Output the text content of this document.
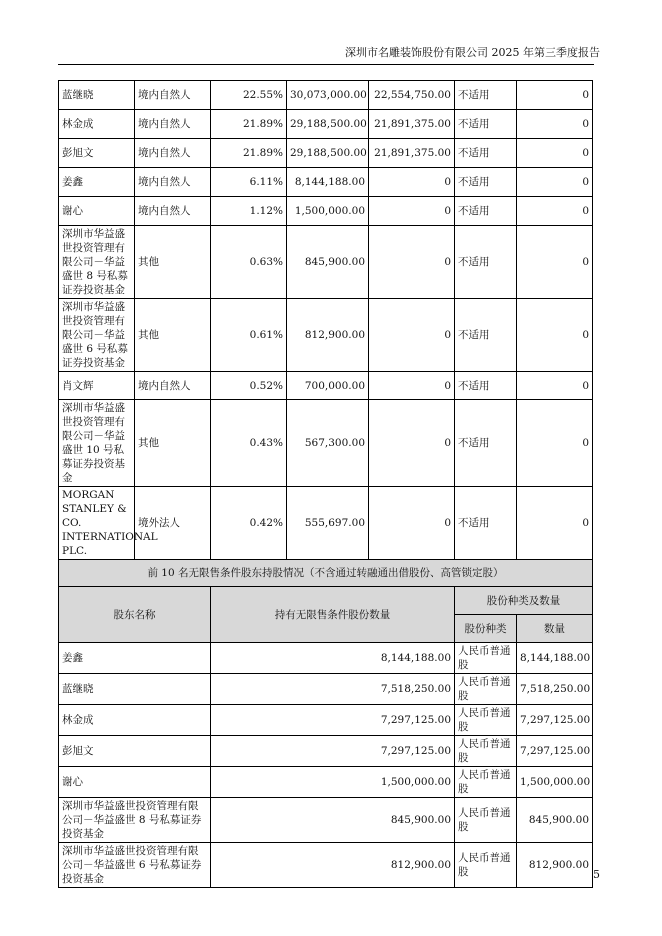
深圳市名雕装饰股份有限公司 2025 年第三季度报告
蓝继晓	境内自然人	22.55%	30,073,000.00	22,554,750.00	不适用	0
林金成	境内自然人	21.89%	29,188,500.00	21,891,375.00	不适用	0
彭旭文	境内自然人	21.89%	29,188,500.00	21,891,375.00	不适用	0
姜鑫	境内自然人	6.11%	8,144,188.00	0	不适用	0
谢心	境内自然人	1.12%	1,500,000.00	0	不适用	0
深圳市华益盛世投资管理有限公司－华益盛世 8 号私募证券投资基金	其他	0.63%	845,900.00	0	不适用	0
深圳市华益盛世投资管理有限公司－华益盛世 6 号私募证券投资基金	其他	0.61%	812,900.00	0	不适用	0
肖文辉	境内自然人	0.52%	700,000.00	0	不适用	0
深圳市华益盛世投资管理有限公司－华益盛世 10 号私募证券投资基金	其他	0.43%	567,300.00	0	不适用	0
MORGAN STANLEY & CO. INTERNATIONAL PLC.	境外法人	0.42%	555,697.00	0	不适用	0
前 10 名无限售条件股东持股情况（不含通过转融通出借股份、高管锁定股）						
股东名称		持有无限售条件股份数量			股份种类及数量	
					股份种类	数量
姜鑫		8,144,188.00			人民币普通股	8,144,188.00
蓝继晓		7,518,250.00			人民币普通股	7,518,250.00
林金成		7,297,125.00			人民币普通股	7,297,125.00
彭旭文		7,297,125.00			人民币普通股	7,297,125.00
谢心		1,500,000.00			人民币普通股	1,500,000.00
深圳市华益盛世投资管理有限公司－华益盛世 8 号私募证券投资基金		845,900.00			人民币普通股	845,900.00
深圳市华益盛世投资管理有限公司－华益盛世 6 号私募证券投资基金		812,900.00			人民币普通股	812,900.00
5
